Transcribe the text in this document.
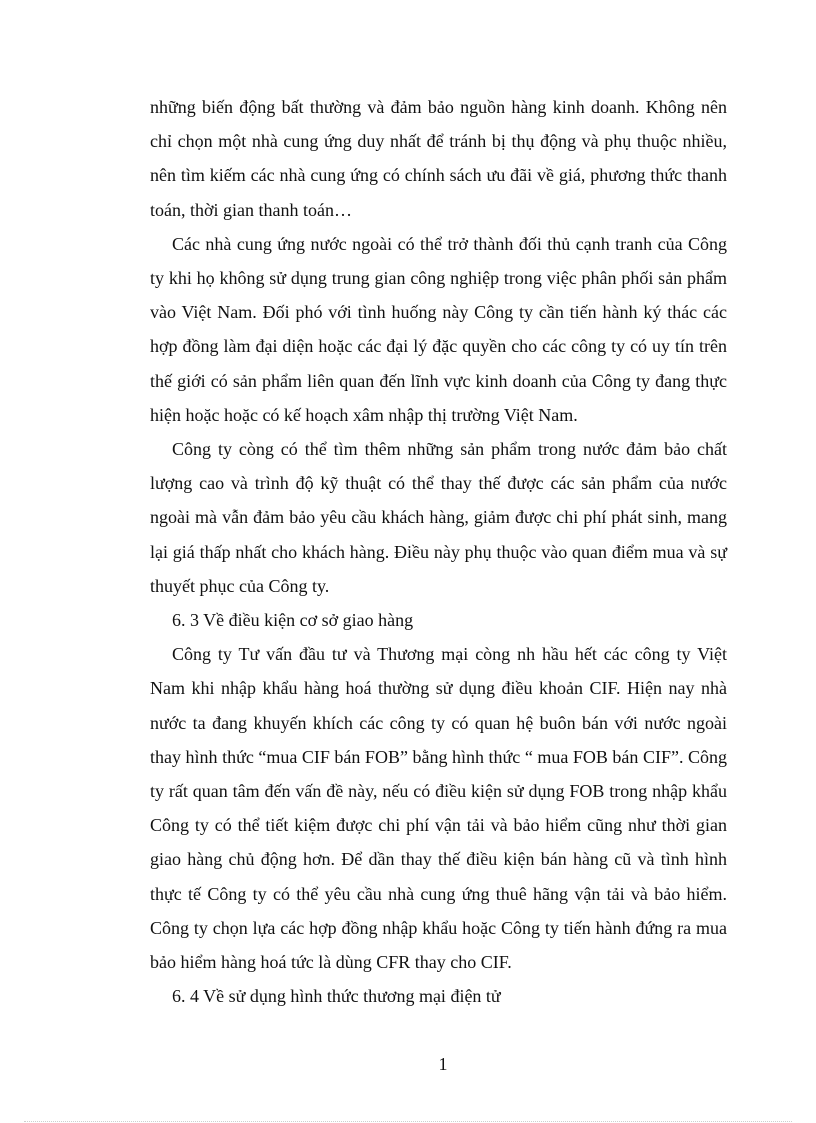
những biến động bất thường và đảm bảo nguồn hàng kinh doanh. Không nên chỉ chọn một nhà cung ứng duy nhất để tránh bị thụ động và phụ thuộc nhiều, nên tìm kiếm các nhà cung ứng có chính sách ưu đãi về giá, phương thức thanh toán, thời gian thanh toán…

Các nhà cung ứng nước ngoài có thể trở thành đối thủ cạnh tranh của Công ty khi họ không sử dụng trung gian công nghiệp trong việc phân phối sản phẩm vào Việt Nam. Đối phó với tình huống này Công ty cần tiến hành ký thác các hợp đồng làm đại diện hoặc các đại lý đặc quyền cho các công ty có uy tín trên thế giới có sản phẩm liên quan đến lĩnh vực kinh doanh của Công ty đang thực hiện hoặc hoặc có kế hoạch xâm nhập thị trường Việt Nam.

Công ty còng có thể tìm thêm những sản phẩm trong nước đảm bảo chất lượng cao và trình độ kỹ thuật có thể thay thế được các sản phẩm của nước ngoài mà vẫn đảm bảo yêu cầu khách hàng, giảm được chi phí phát sinh, mang lại giá thấp nhất cho khách hàng. Điều này phụ thuộc vào quan điểm mua và sự thuyết phục của Công ty.

6. 3 Về điều kiện cơ sở giao hàng

Công ty Tư vấn đầu tư và Thương mại còng nh hầu hết các công ty Việt Nam khi nhập khẩu hàng hoá thường sử dụng điều khoản CIF. Hiện nay nhà nước ta đang khuyến khích các công ty có quan hệ buôn bán với nước ngoài thay hình thức “mua CIF bán FOB” bằng hình thức “ mua FOB bán CIF”. Công ty rất quan tâm đến vấn đề này, nếu có điều kiện sử dụng FOB trong nhập khẩu Công ty có thể tiết kiệm được chi phí vận tải và bảo hiểm cũng như thời gian giao hàng chủ động hơn. Để dần thay thế điều kiện bán hàng cũ và tình hình thực tế Công ty có thể yêu cầu nhà cung ứng thuê hãng vận tải và bảo hiểm. Công ty chọn lựa các hợp đồng nhập khẩu hoặc Công ty tiến hành đứng ra mua bảo hiểm hàng hoá tức là dùng CFR thay cho CIF.

6. 4 Về sử dụng hình thức thương mại điện tử

1
